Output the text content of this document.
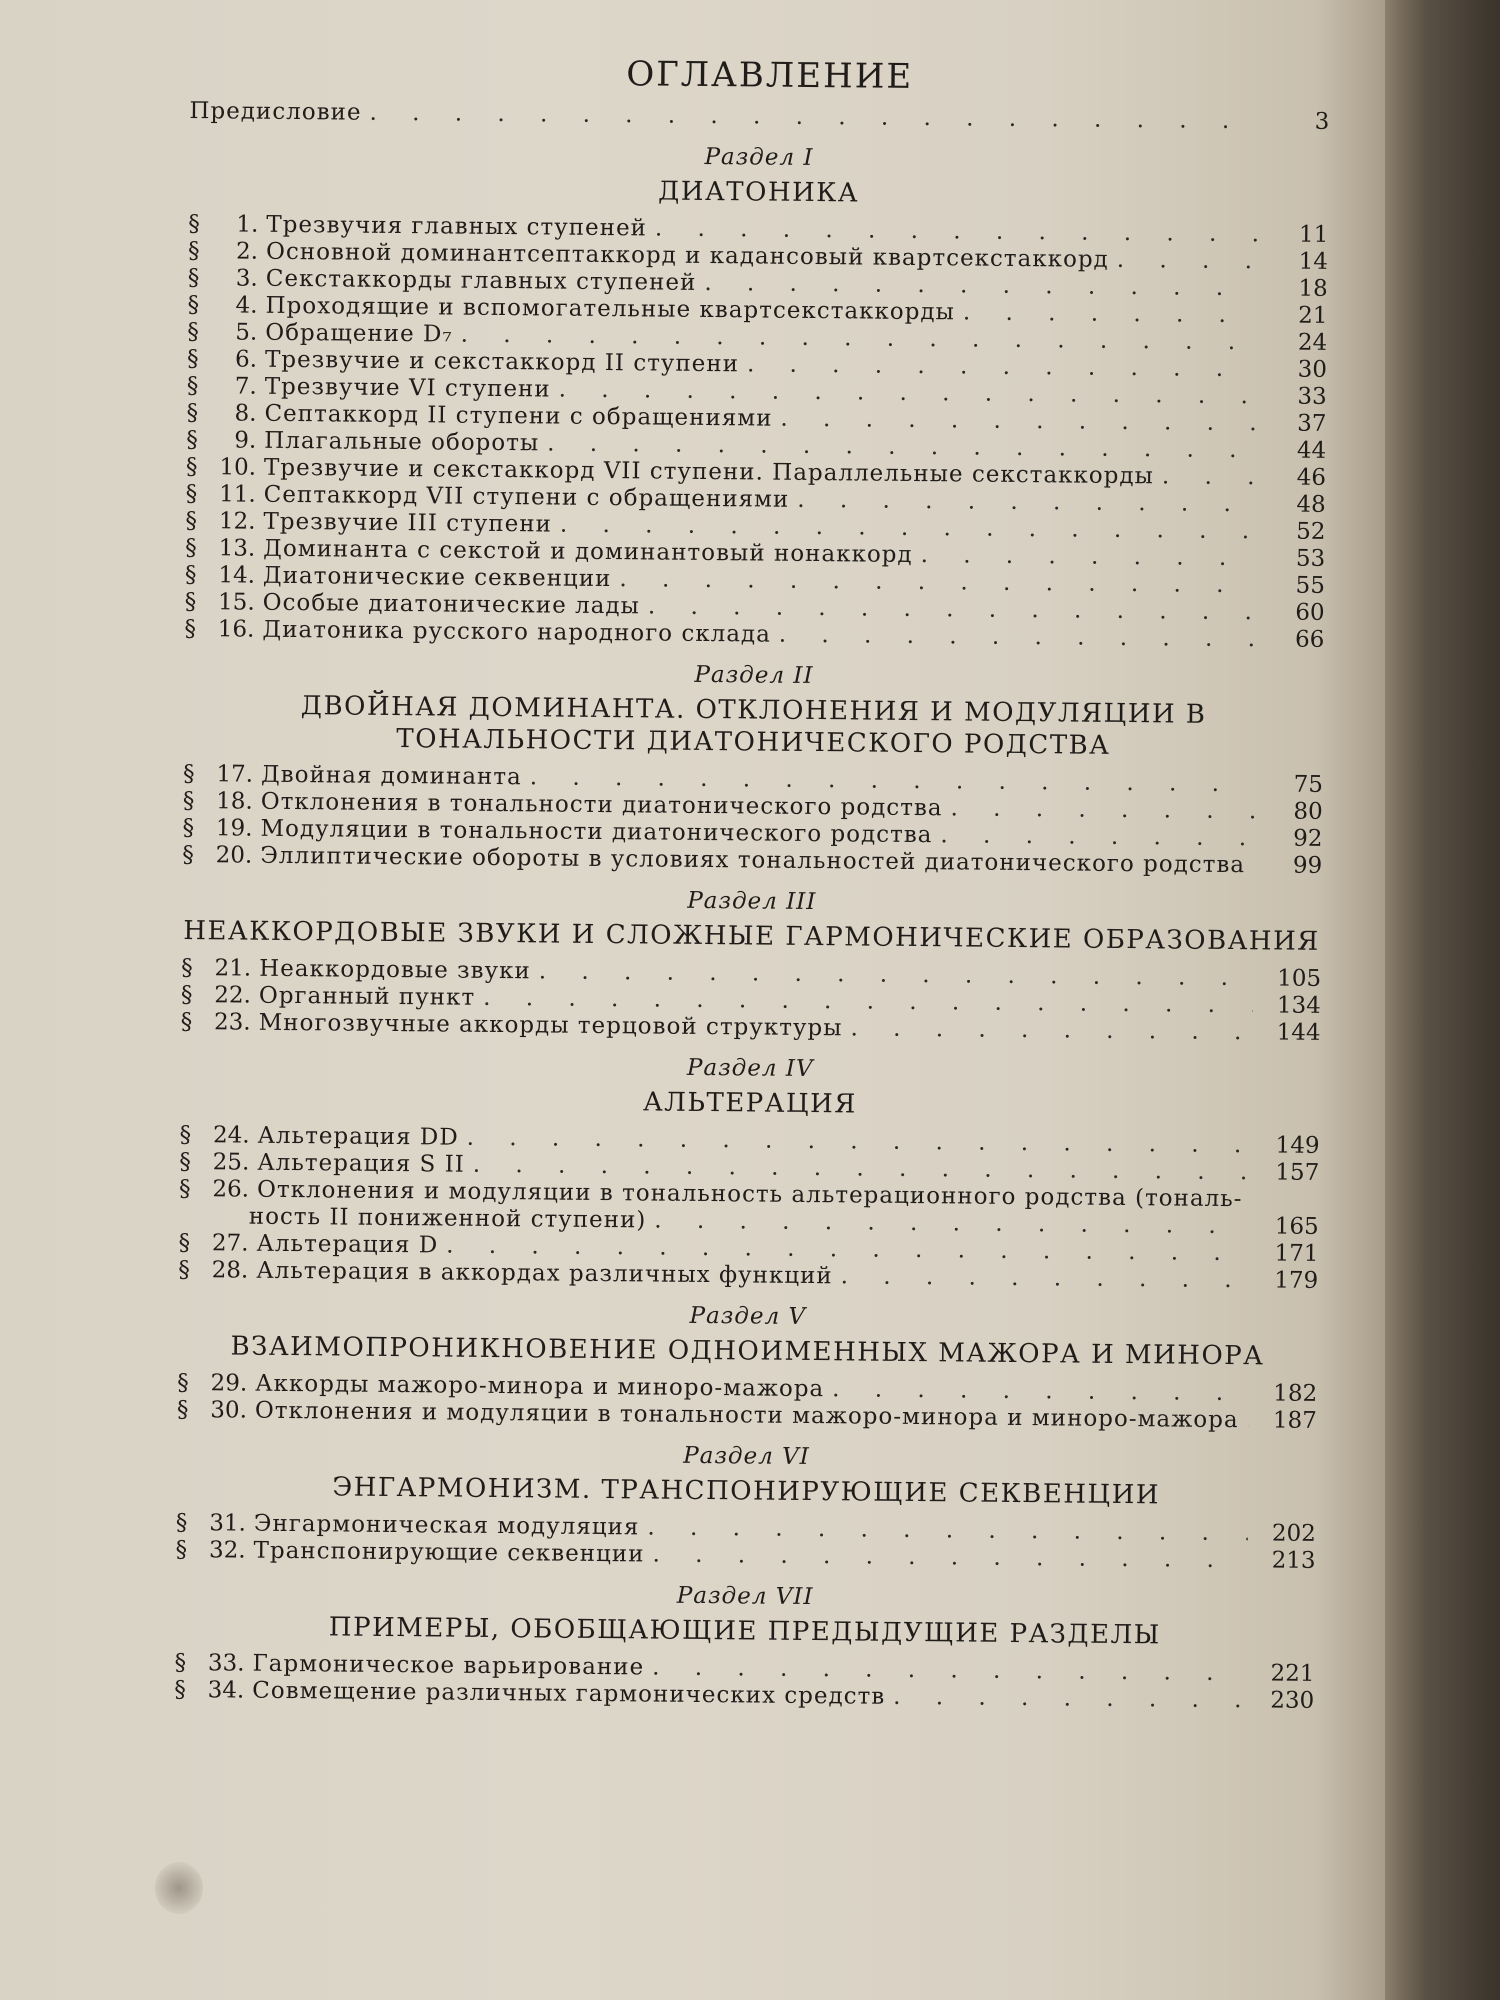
ОГЛАВЛЕНИЕ
Предисловие . . .	3
Раздел I
ДИАТОНИКА
§	1. Трезвучия главных ступеней . . .	11
§	2. Основной доминантсептаккорд и кадансовый квартсекстаккорд . . .	14
§	3. Секстаккорды главных ступеней . . .	18
§	4. Проходящие и вспомогательные квартсекстаккорды . . .	21
§	5. Обращение D₇ . . .	24
§	6. Трезвучие и секстаккорд II ступени . . .	30
§	7. Трезвучие VI ступени . . .	33
§	8. Септаккорд II ступени с обращениями . . .	37
§	9. Плагальные обороты . . .	44
§ 10. Трезвучие и секстаккорд VII ступени. Параллельные секстаккорды . . .	46
§ 11. Септаккорд VII ступени с обращениями . . .	48
§ 12. Трезвучие III ступени . . .	52
§ 13. Доминанта с секстой и доминантовый нонаккорд . . .	53
§ 14. Диатонические секвенции . . .	55
§ 15. Особые диатонические лады . . .	60
§ 16. Диатоника русского народного склада . . .	66
Раздел II
ДВОЙНАЯ ДОМИНАНТА. ОТКЛОНЕНИЯ И МОДУЛЯЦИИ В ТОНАЛЬНОСТИ ДИАТОНИЧЕСКОГО РОДСТВА
§ 17. Двойная доминанта . . .	75
§ 18. Отклонения в тональности диатонического родства . . .	80
§ 19. Модуляции в тональности диатонического родства . . .	92
§ 20. Эллиптические обороты в условиях тональностей диатонического родства . . .	99
Раздел III
НЕАККОРДОВЫЕ ЗВУКИ И СЛОЖНЫЕ ГАРМОНИЧЕСКИЕ ОБРАЗОВАНИЯ
§ 21. Неаккордовые звуки . . .	105
§ 22. Органный пункт . . .	134
§ 23. Многозвучные аккорды терцовой структуры . . .	144
Раздел IV
АЛЬТЕРАЦИЯ
§ 24. Альтерация DD . . .	149
§ 25. Альтерация S II . . .	157
§ 26. Отклонения и модуляции в тональность альтерационного родства (тональ-
ность II пониженной ступени) . . .	165
§ 27. Альтерация D . . .	171
§ 28. Альтерация в аккордах различных функций . . .	179
Раздел V
ВЗАИМОПРОНИКНОВЕНИЕ ОДНОИМЕННЫХ МАЖОРА И МИНОРА
§ 29. Аккорды мажоро-минора и миноро-мажора . . .	182
§ 30. Отклонения и модуляции в тональности мажоро-минора и миноро-мажора . . .	187
Раздел VI
ЭНГАРМОНИЗМ. ТРАНСПОНИРУЮЩИЕ СЕКВЕНЦИИ
§ 31. Энгармоническая модуляция . . .	202
§ 32. Транспонирующие секвенции . . .	213
Раздел VII
ПРИМЕРЫ, ОБОБЩАЮЩИЕ ПРЕДЫДУЩИЕ РАЗДЕЛЫ
§ 33. Гармоническое варьирование . . .	221
§ 34. Совмещение различных гармонических средств . . .	230
